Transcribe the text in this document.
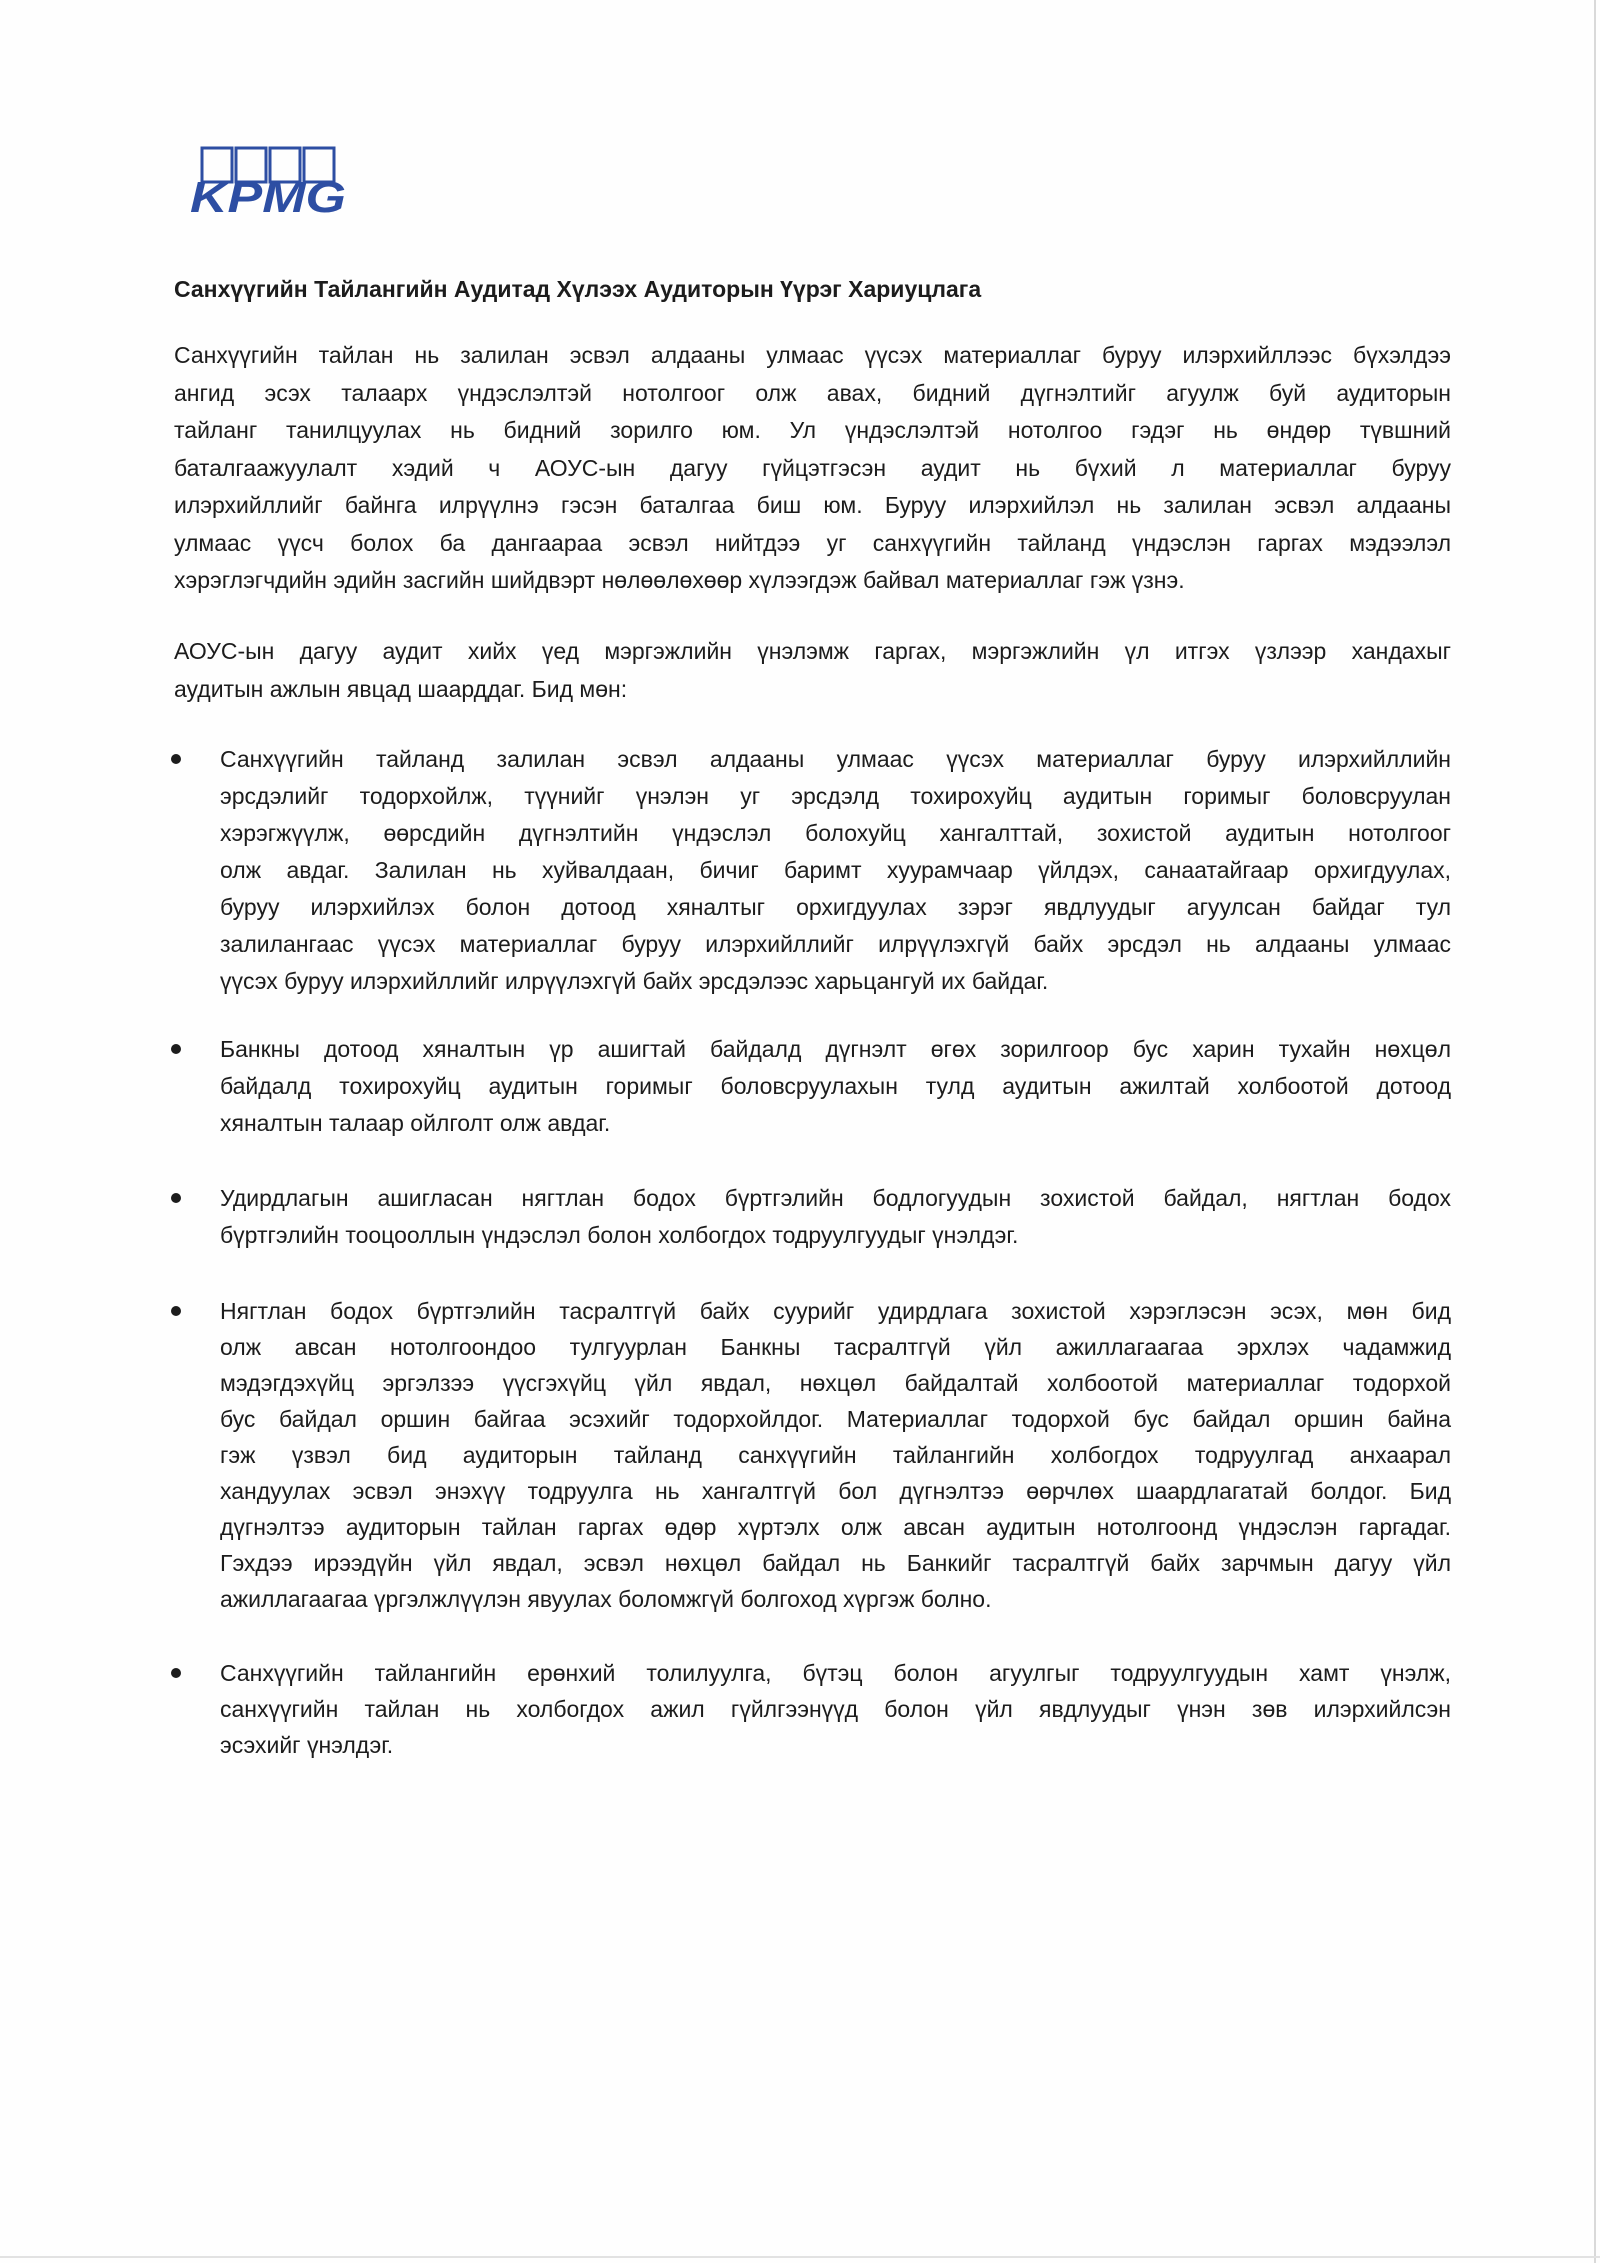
KPMG
Санхүүгийн Тайлангийн Аудитад Хүлээх Аудиторын Үүрэг Хариуцлага
Санхүүгийн тайлан нь залилан эсвэл алдааны улмаас үүсэх материаллаг буруу илэрхийллээс бүхэлдээ
ангид эсэх талаарх үндэслэлтэй нотолгоог олж авах, бидний дүгнэлтийг агуулж буй аудиторын
тайланг танилцуулах нь бидний зорилго юм. Ул үндэслэлтэй нотолгоо гэдэг нь өндөр түвшний
баталгаажуулалт хэдий ч АОУС-ын дагуу гүйцэтгэсэн аудит нь бүхий л материаллаг буруу
илэрхийллийг байнга илрүүлнэ гэсэн баталгаа биш юм. Буруу илэрхийлэл нь залилан эсвэл алдааны
улмаас үүсч болох ба дангаараа эсвэл нийтдээ уг санхүүгийн тайланд үндэслэн гаргах мэдээлэл
хэрэглэгчдийн эдийн засгийн шийдвэрт нөлөөлөхөөр хүлээгдэж байвал материаллаг гэж үзнэ.
АОУС-ын дагуу аудит хийх үед мэргэжлийн үнэлэмж гаргах, мэргэжлийн үл итгэх үзлээр хандахыг
аудитын ажлын явцад шаарддаг. Бид мөн:
Санхүүгийн тайланд залилан эсвэл алдааны улмаас үүсэх материаллаг буруу илэрхийллийн
эрсдэлийг тодорхойлж, түүнийг үнэлэн уг эрсдэлд тохирохуйц аудитын горимыг боловсруулан
хэрэгжүүлж, өөрсдийн дүгнэлтийн үндэслэл болохуйц хангалттай, зохистой аудитын нотолгоог
олж авдаг. Залилан нь хуйвалдаан, бичиг баримт хуурамчаар үйлдэх, санаатайгаар орхигдуулах,
буруу илэрхийлэх болон дотоод хяналтыг орхигдуулах зэрэг явдлуудыг агуулсан байдаг тул
залилангаас үүсэх материаллаг буруу илэрхийллийг илрүүлэхгүй байх эрсдэл нь алдааны улмаас
үүсэх буруу илэрхийллийг илрүүлэхгүй байх эрсдэлээс харьцангуй их байдаг.
Банкны дотоод хяналтын үр ашигтай байдалд дүгнэлт өгөх зорилгоор бус харин тухайн нөхцөл
байдалд тохирохуйц аудитын горимыг боловсруулахын тулд аудитын ажилтай холбоотой дотоод
хяналтын талаар ойлголт олж авдаг.
Удирдлагын ашигласан нягтлан бодох бүртгэлийн бодлогуудын зохистой байдал, нягтлан бодох
бүртгэлийн тооцооллын үндэслэл болон холбогдох тодруулгуудыг үнэлдэг.
Нягтлан бодох бүртгэлийн тасралтгүй байх суурийг удирдлага зохистой хэрэглэсэн эсэх, мөн бид
олж авсан нотолгоондоо тулгуурлан Банкны тасралтгүй үйл ажиллагаагаа эрхлэх чадамжид
мэдэгдэхүйц эргэлзээ үүсгэхүйц үйл явдал, нөхцөл байдалтай холбоотой материаллаг тодорхой
бус байдал оршин байгаа эсэхийг тодорхойлдог. Материаллаг тодорхой бус байдал оршин байна
гэж үзвэл бид аудиторын тайланд санхүүгийн тайлангийн холбогдох тодруулгад анхаарал
хандуулах эсвэл энэхүү тодруулга нь хангалтгүй бол дүгнэлтээ өөрчлөх шаардлагатай болдог. Бид
дүгнэлтээ аудиторын тайлан гаргах өдөр хүртэлх олж авсан аудитын нотолгоонд үндэслэн гаргадаг.
Гэхдээ ирээдүйн үйл явдал, эсвэл нөхцөл байдал нь Банкийг тасралтгүй байх зарчмын дагуу үйл
ажиллагаагаа үргэлжлүүлэн явуулах боломжгүй болгоход хүргэж болно.
Санхүүгийн тайлангийн ерөнхий толилуулга, бүтэц болон агуулгыг тодруулгуудын хамт үнэлж,
санхүүгийн тайлан нь холбогдох ажил гүйлгээнүүд болон үйл явдлуудыг үнэн зөв илэрхийлсэн
эсэхийг үнэлдэг.
